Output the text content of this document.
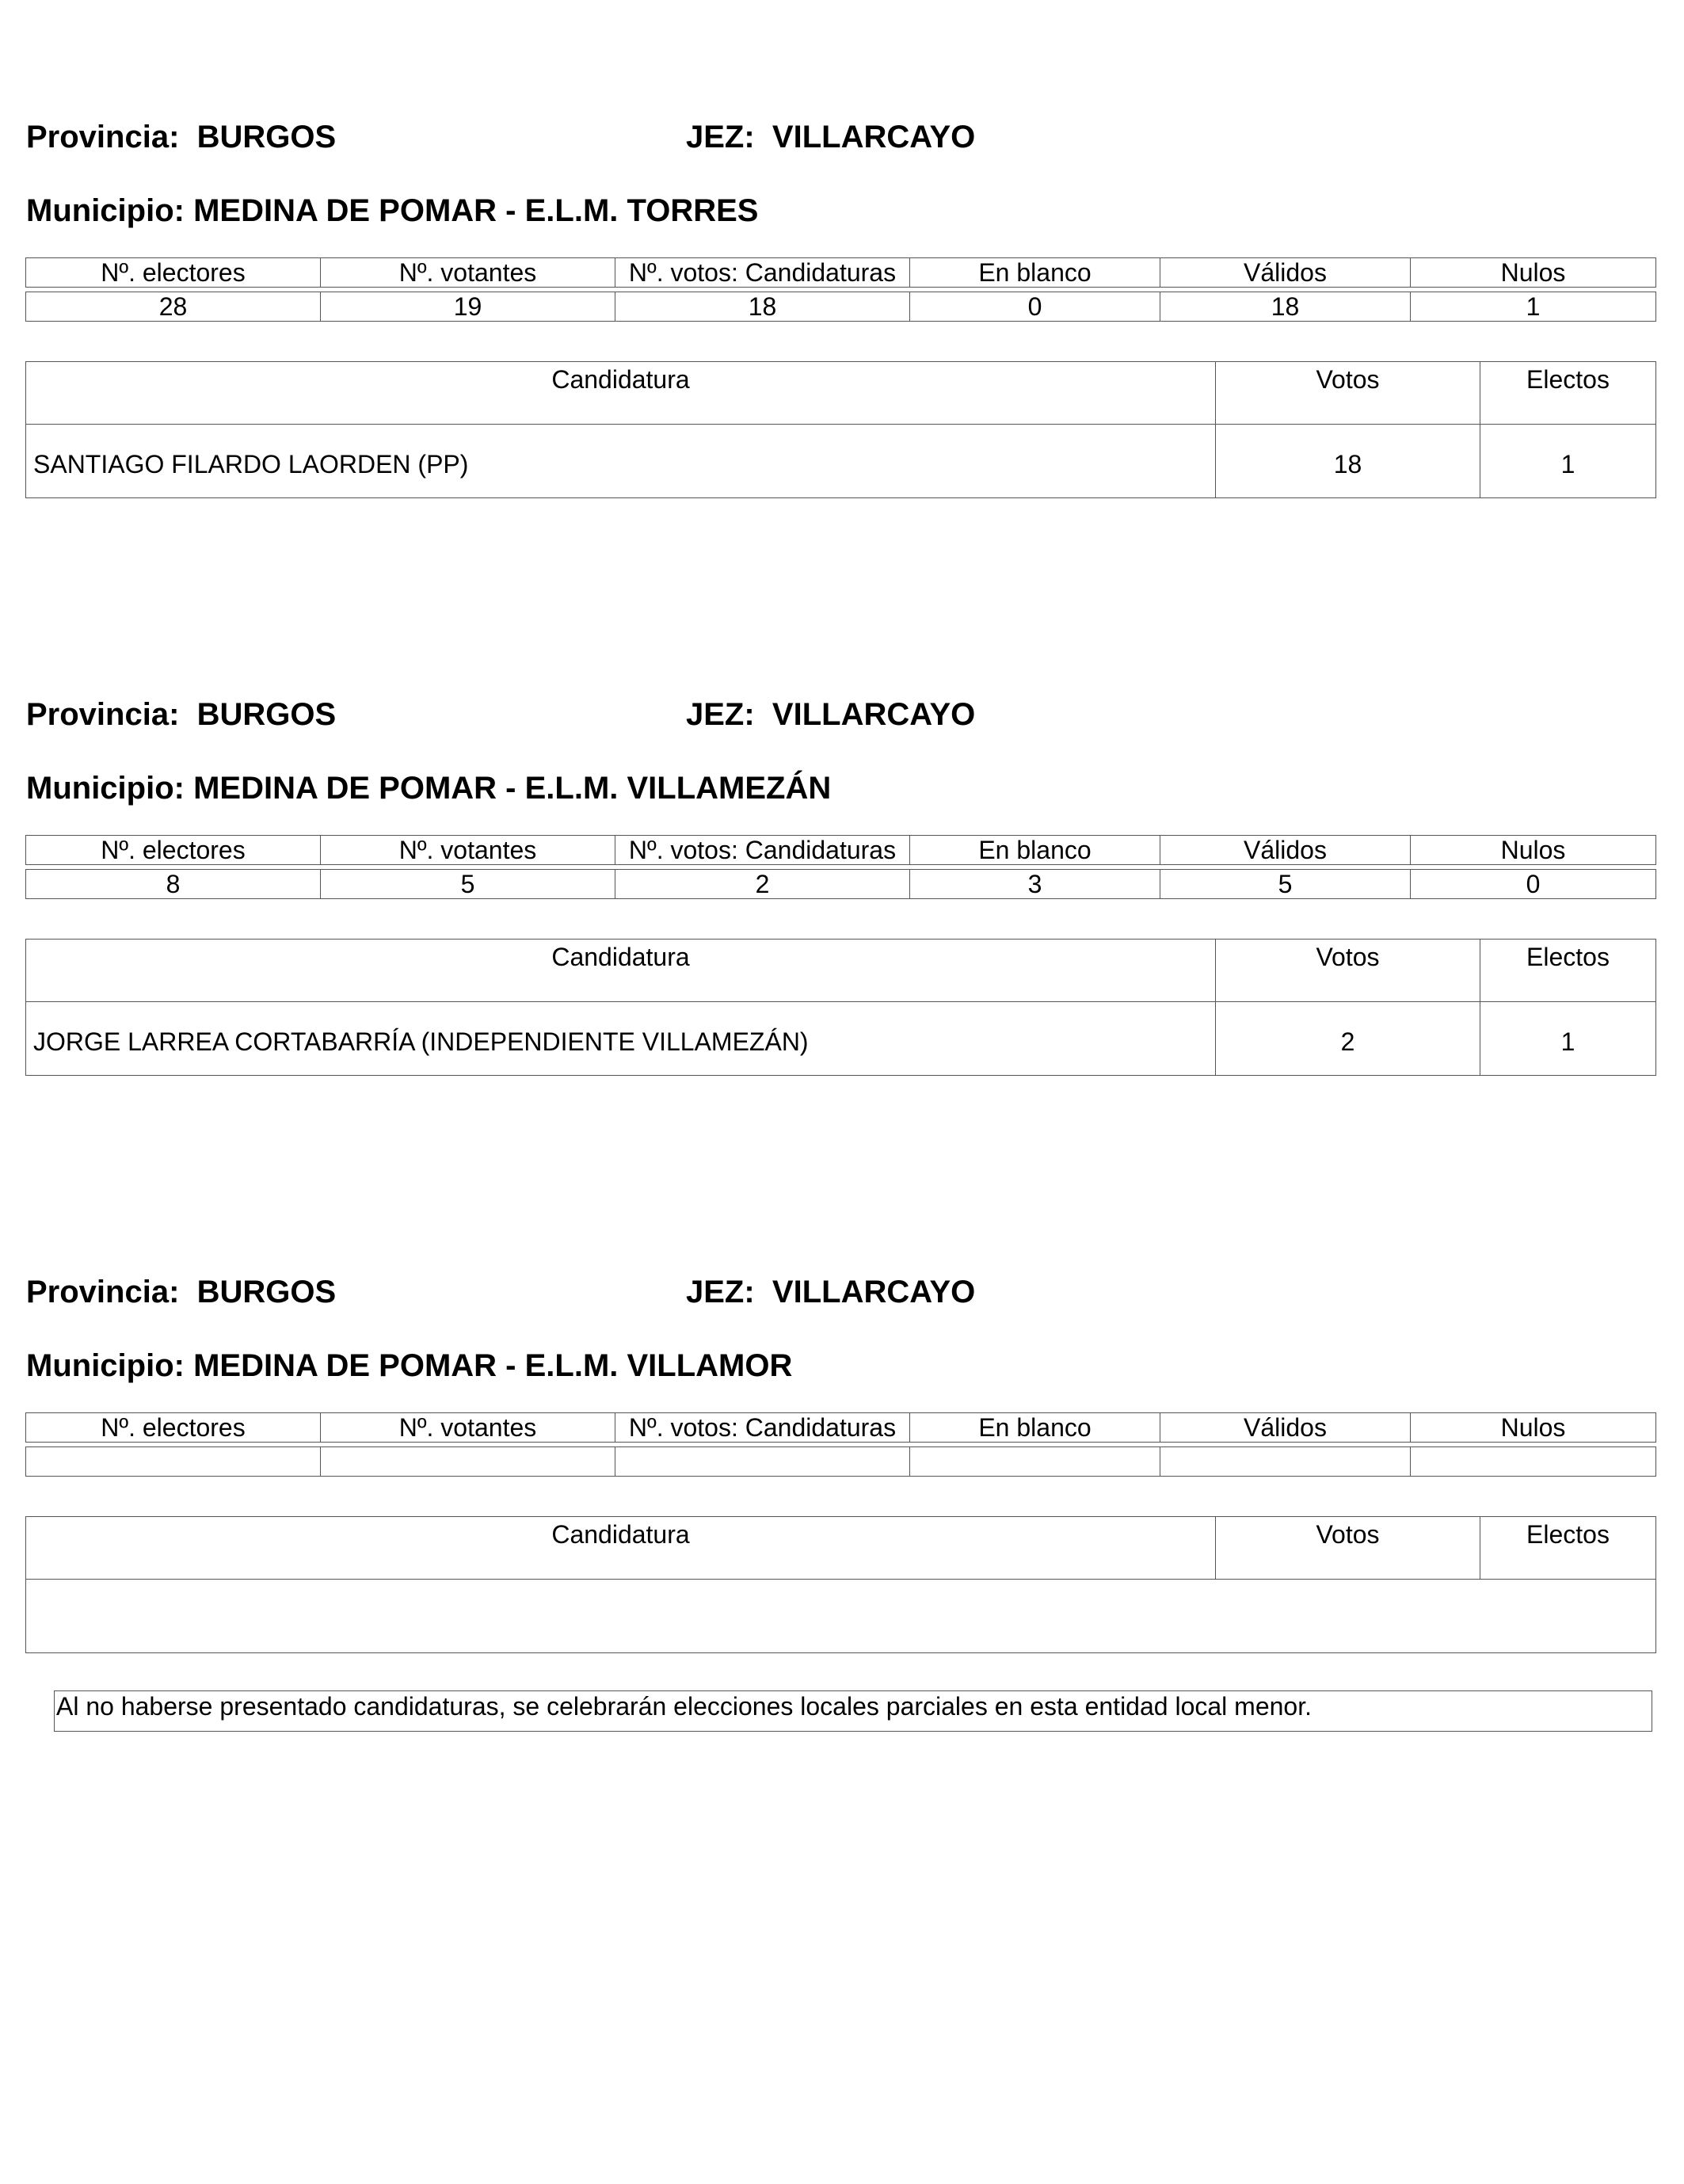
Provincia: BURGOS	JEZ: VILLARCAYO
Municipio: MEDINA DE POMAR - E.L.M. TORRES
Nº. electores	Nº. votantes	Nº. votos: Candidaturas	En blanco	Válidos	Nulos

28	19	18	0	18	1
Candidatura	Votos	Electos
SANTIAGO FILARDO LAORDEN (PP)	18	1
Provincia: BURGOS	JEZ: VILLARCAYO
Municipio: MEDINA DE POMAR - E.L.M. VILLAMEZÁN
Nº. electores	Nº. votantes	Nº. votos: Candidaturas	En blanco	Válidos	Nulos

8	5	2	3	5	0
Candidatura	Votos	Electos
JORGE LARREA CORTABARRÍA (INDEPENDIENTE VILLAMEZÁN)	2	1
Provincia: BURGOS	JEZ: VILLARCAYO
Municipio: MEDINA DE POMAR - E.L.M. VILLAMOR
Nº. electores	Nº. votantes	Nº. votos: Candidaturas	En blanco	Válidos	Nulos

Candidatura	Votos	Electos

Al no haberse presentado candidaturas, se celebrarán elecciones locales parciales en esta entidad local menor.
